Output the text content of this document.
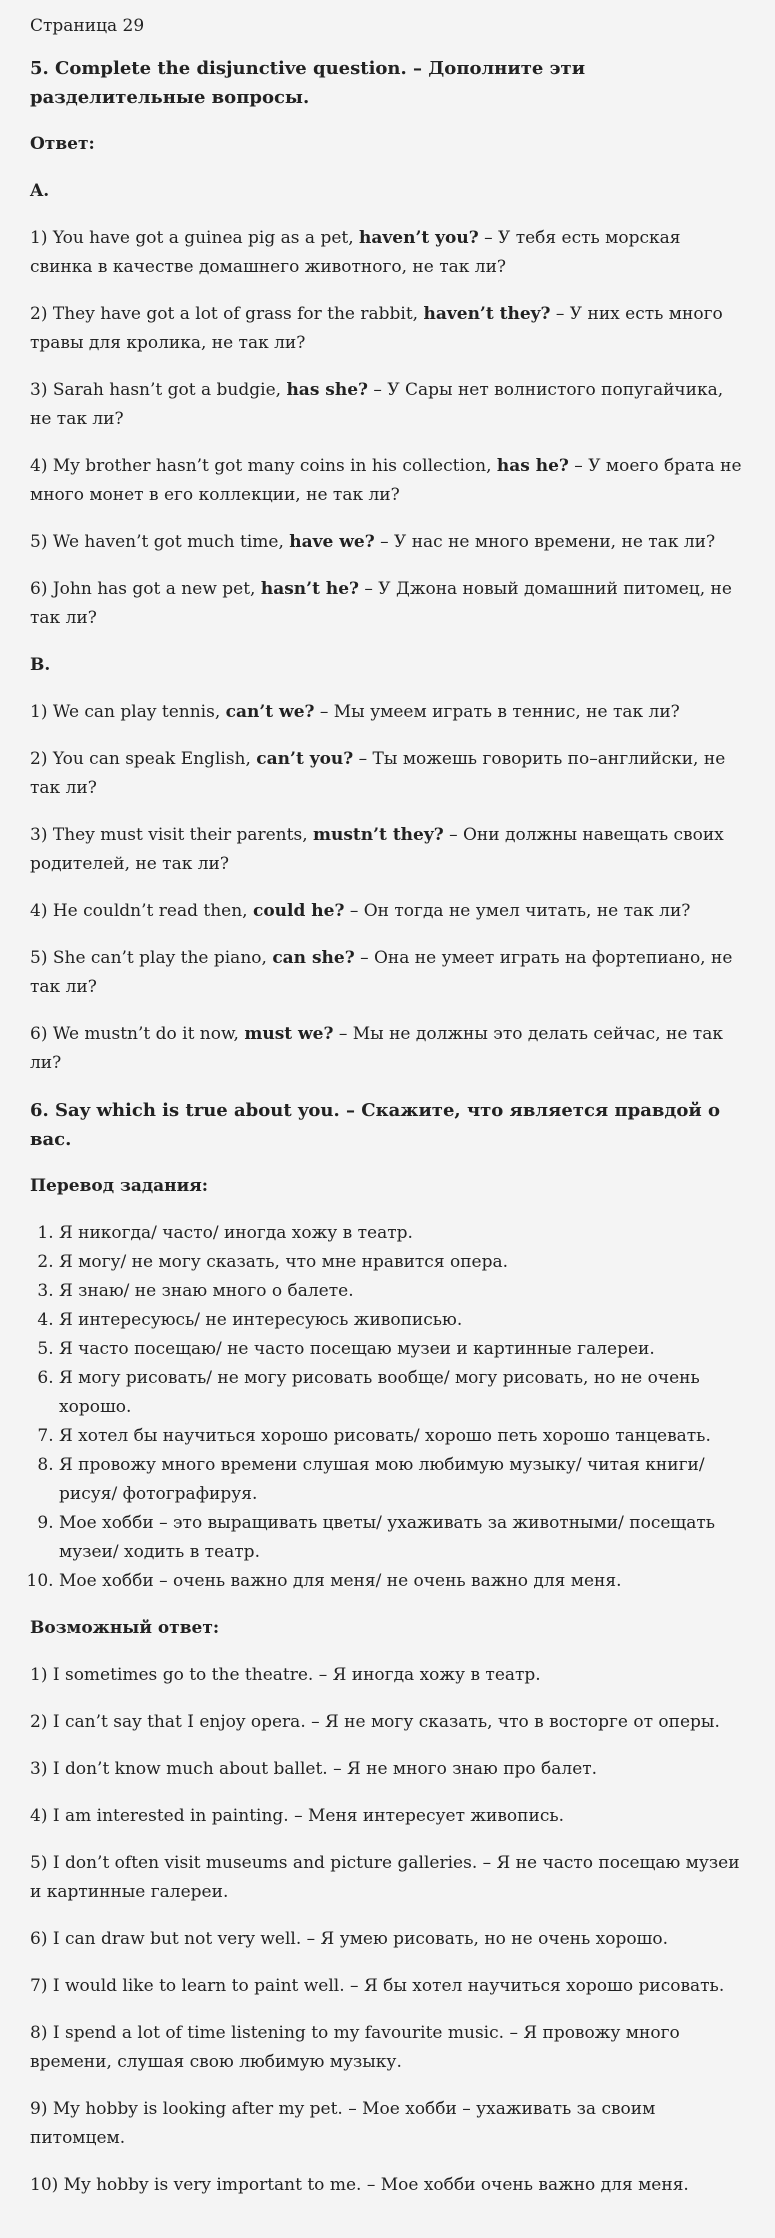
Страница 29

5. Complete the disjunctive question. – Дополните эти разделительные вопросы.

Ответ:

A.

1) You have got a guinea pig as a pet, haven’t you? – У тебя есть морская свинка в качестве домашнего животного, не так ли?

2) They have got a lot of grass for the rabbit, haven’t they? – У них есть много травы для кролика, не так ли?

3) Sarah hasn’t got a budgie, has she? – У Сары нет волнистого попугайчика, не так ли?

4) My brother hasn’t got many coins in his collection, has he? – У моего брата не много монет в его коллекции, не так ли?

5) We haven’t got much time, have we? – У нас не много времени, не так ли?

6) John has got a new pet, hasn’t he? – У Джона новый домашний питомец, не так ли?

B.

1) We can play tennis, can’t we? – Мы умеем играть в теннис, не так ли?

2) You can speak English, can’t you? – Ты можешь говорить по–английски, не так ли?

3) They must visit their parents, mustn’t they? – Они должны навещать своих родителей, не так ли?

4) He couldn’t read then, could he? – Он тогда не умел читать, не так ли?

5) She can’t play the piano, can she? – Она не умеет играть на фортепиано, не так ли?

6) We mustn’t do it now, must we? – Мы не должны это делать сейчас, не так ли?

6. Say which is true about you. – Скажите, что является правдой о вас.

Перевод задания:

1. Я никогда/ часто/ иногда хожу в театр.
2. Я могу/ не могу сказать, что мне нравится опера.
3. Я знаю/ не знаю много о балете.
4. Я интересуюсь/ не интересуюсь живописью.
5. Я часто посещаю/ не часто посещаю музеи и картинные галереи.
6. Я могу рисовать/ не могу рисовать вообще/ могу рисовать, но не очень хорошо.
7. Я хотел бы научиться хорошо рисовать/ хорошо петь хорошо танцевать.
8. Я провожу много времени слушая мою любимую музыку/ читая книги/ рисуя/ фотографируя.
9. Мое хобби – это выращивать цветы/ ухаживать за животными/ посещать музеи/ ходить в театр.
10. Мое хобби – очень важно для меня/ не очень важно для меня.

Возможный ответ:

1) I sometimes go to the theatre. – Я иногда хожу в театр.

2) I can’t say that I enjoy opera. – Я не могу сказать, что в восторге от оперы.

3) I don’t know much about ballet. – Я не много знаю про балет.

4) I am interested in painting. – Меня интересует живопись.

5) I don’t often visit museums and picture galleries. – Я не часто посещаю музеи и картинные галереи.

6) I can draw but not very well. – Я умею рисовать, но не очень хорошо.

7) I would like to learn to paint well. – Я бы хотел научиться хорошо рисовать.

8) I spend a lot of time listening to my favourite music. – Я провожу много времени, слушая свою любимую музыку.

9) My hobby is looking after my pet. – Мое хобби – ухаживать за своим питомцем.

10) My hobby is very important to me. – Мое хобби очень важно для меня.
